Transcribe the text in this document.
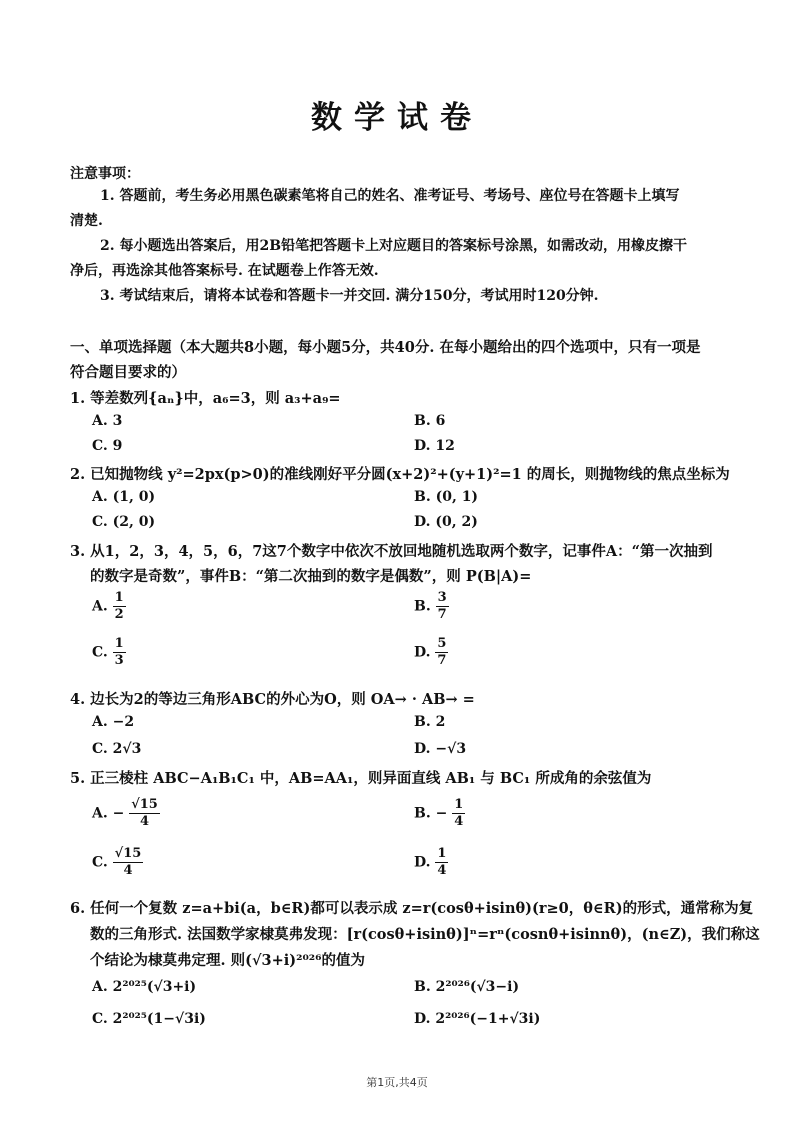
数学试卷
注意事项：
1. 答题前，考生务必用黑色碳素笔将自己的姓名、准考证号、考场号、座位号在答题卡上填写
清楚.
2. 每小题选出答案后，用2B铅笔把答题卡上对应题目的答案标号涂黑，如需改动，用橡皮擦干
净后，再选涂其他答案标号. 在试题卷上作答无效.
3. 考试结束后，请将本试卷和答题卡一并交回. 满分150分，考试用时120分钟.
一、单项选择题（本大题共8小题，每小题5分，共40分. 在每小题给出的四个选项中，只有一项是
符合题目要求的）
1. 等差数列{aₙ}中，a₆=3，则 a₃+a₉=
A. 3	B. 6
C. 9	D. 12
2. 已知抛物线 y²=2px(p>0)的准线刚好平分圆(x+2)²+(y+1)²=1 的周长，则抛物线的焦点坐标为
A. (1, 0)	B. (0, 1)
C. (2, 0)	D. (0, 2)
3. 从1，2，3，4，5，6，7这7个数字中依次不放回地随机选取两个数字，记事件A：“第一次抽到
的数字是奇数”，事件B：“第二次抽到的数字是偶数”，则 P(B|A)=
A. $\frac{1}{2}$	B. $\frac{3}{7}$
C. $\frac{1}{3}$	D. $\frac{5}{7}$
4. 边长为2的等边三角形ABC的外心为O，则 OA→ · AB→ =
A. −2	B. 2
C. 2√3	D. −√3
5. 正三棱柱 ABC−A₁B₁C₁ 中，AB=AA₁，则异面直线 AB₁ 与 BC₁ 所成角的余弦值为
A. − $\frac{√15}{4}$	B. − $\frac{1}{4}$
C. $\frac{√15}{4}$	D. $\frac{1}{4}$
6. 任何一个复数 z=a+bi(a，b∈R)都可以表示成 z=r(cosθ+isinθ)(r≥0，θ∈R)的形式，通常称为复
数的三角形式. 法国数学家棣莫弗发现：[r(cosθ+isinθ)]ⁿ=rⁿ(cosnθ+isinnθ)，(n∈Z)，我们称这
个结论为棣莫弗定理. 则(√3+i)²⁰²⁶的值为
A. 2²⁰²⁵(√3+i)	B. 2²⁰²⁶(√3−i)
C. 2²⁰²⁵(1−√3i)	D. 2²⁰²⁶(−1+√3i)
第1页,共4页
